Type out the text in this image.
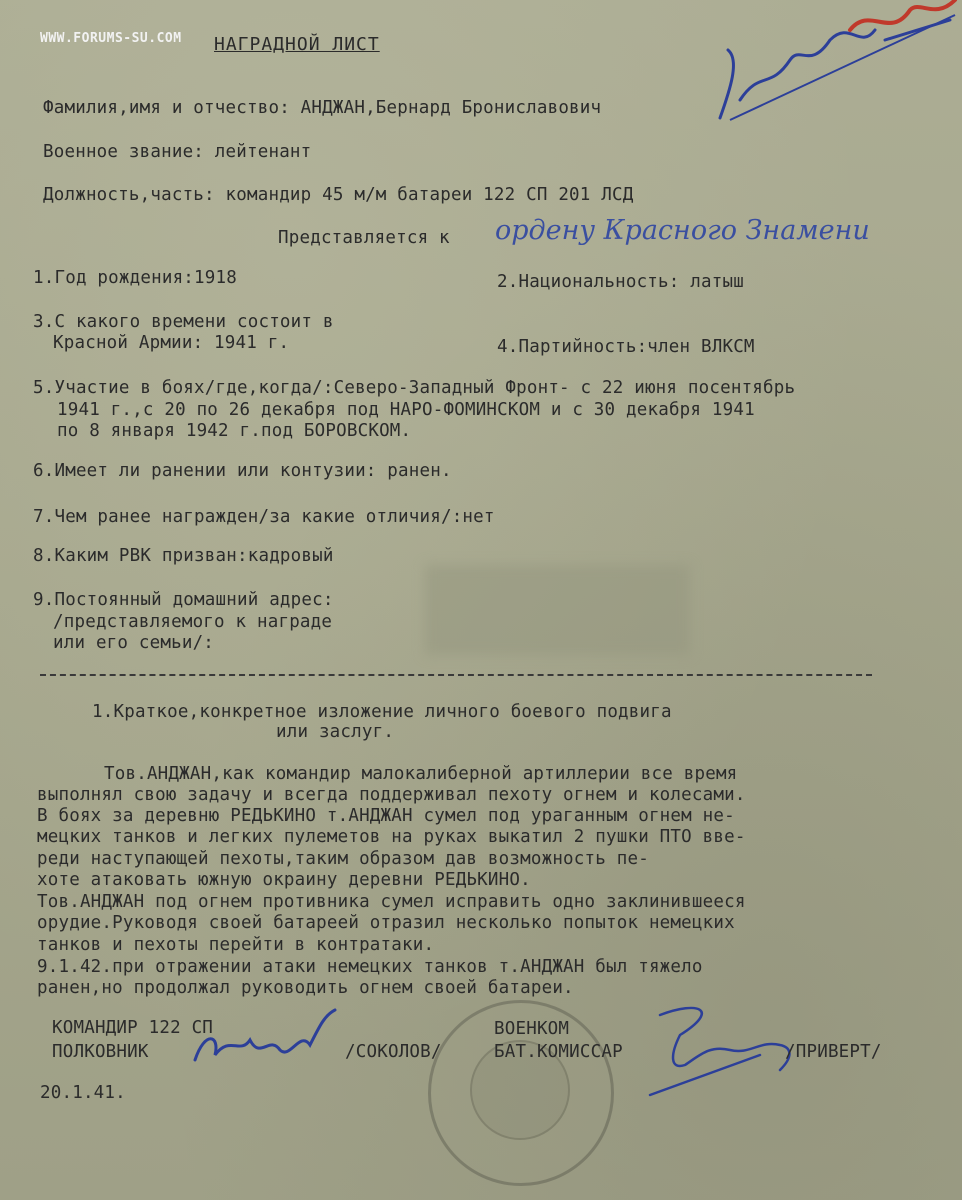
WWW.FORUMS-SU.COM НАГРАДНОЙ ЛИСТ
Фамилия,имя и отчество: АНДЖАН,Бернард Брониславович
Военное звание: лейтенант
Должность,часть: командир 45 м/м батареи 122 СП 201 ЛСД
Представляется к ордену Красного Знамени
1.Год рождения:1918	2.Национальность: латыш
3.С какого времени состоит в
Красной Армии: 1941 г.	4.Партийность:член ВЛКСМ
5.Участие в боях/где,когда/:Северо-Западный Фронт- с 22 июня посентябрь
1941 г.,с 20 по 26 декабря под НАРО-ФОМИНСКОМ и с 30 декабря 1941
по 8 января 1942 г.под БОРОВСКОМ.
6.Имеет ли ранении или контузии: ранен.
7.Чем ранее награжден/за какие отличия/:нет
8.Каким РВК призван:кадровый
9.Постоянный домашний адрес:
/представляемого к награде
или его семьи/:
1.Краткое,конкретное изложение личного боевого подвига
или заслуг.
Тов.АНДЖАН,как командир малокалиберной артиллерии все время
выполнял свою задачу и всегда поддерживал пехоту огнем и колесами.
В боях за деревню РЕДЬКИНО т.АНДЖАН сумел под ураганным огнем не-
мецких танков и легких пулеметов на руках выкатил 2 пушки ПТО вве-
реди наступающей пехоты,таким образом дав возможность пе-
хоте атаковать южную окраину деревни РЕДЬКИНО.
Тов.АНДЖАН под огнем противника сумел исправить одно заклинившееся
орудие.Руководя своей батареей отразил несколько попыток немецких
танков и пехоты перейти в контратаки.
9.1.42.при отражении атаки немецких танков т.АНДЖАН был тяжело
ранен,но продолжал руководить огнем своей батареи.
КОМАНДИР 122 СП
ПОЛКОВНИК	/СОКОЛОВ/
ВОЕНКОМ
БАТ.КОМИССАР	/ПРИВЕРТ/
20.1.41.
